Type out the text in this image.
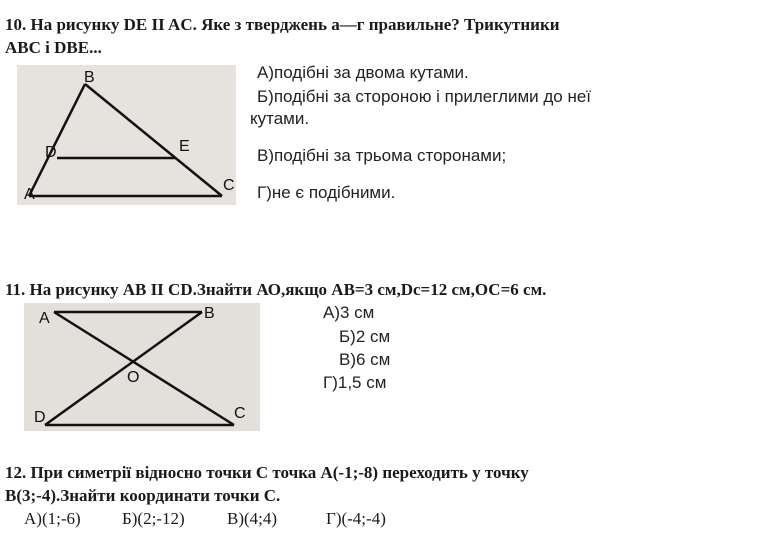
10. На рисунку DE II AC. Яке з тверджень а—г правильне? Трикутники
ABC і DBE...
B
D	E
A
C
А)подібні за двома кутами.
Б)подібні за стороною і прилеглими до неї
кутами.
В)подібні за трьома сторонами;
Г)не є подібними.
11. На рисунку АВ II CD.Знайти АО,якщо АВ=3 см,Dс=12 см,ОС=6 см.
A	B
O
D	C
А)3 см
Б)2 см
В)6 см
Г)1,5 см
12. При симетрії відносно точки С точка А(-1;-8) переходить у точку
В(3;-4).Знайти координати точки С.
А)(1;-6) Б)(2;-12) В)(4;4)	Г)(-4;-4)
